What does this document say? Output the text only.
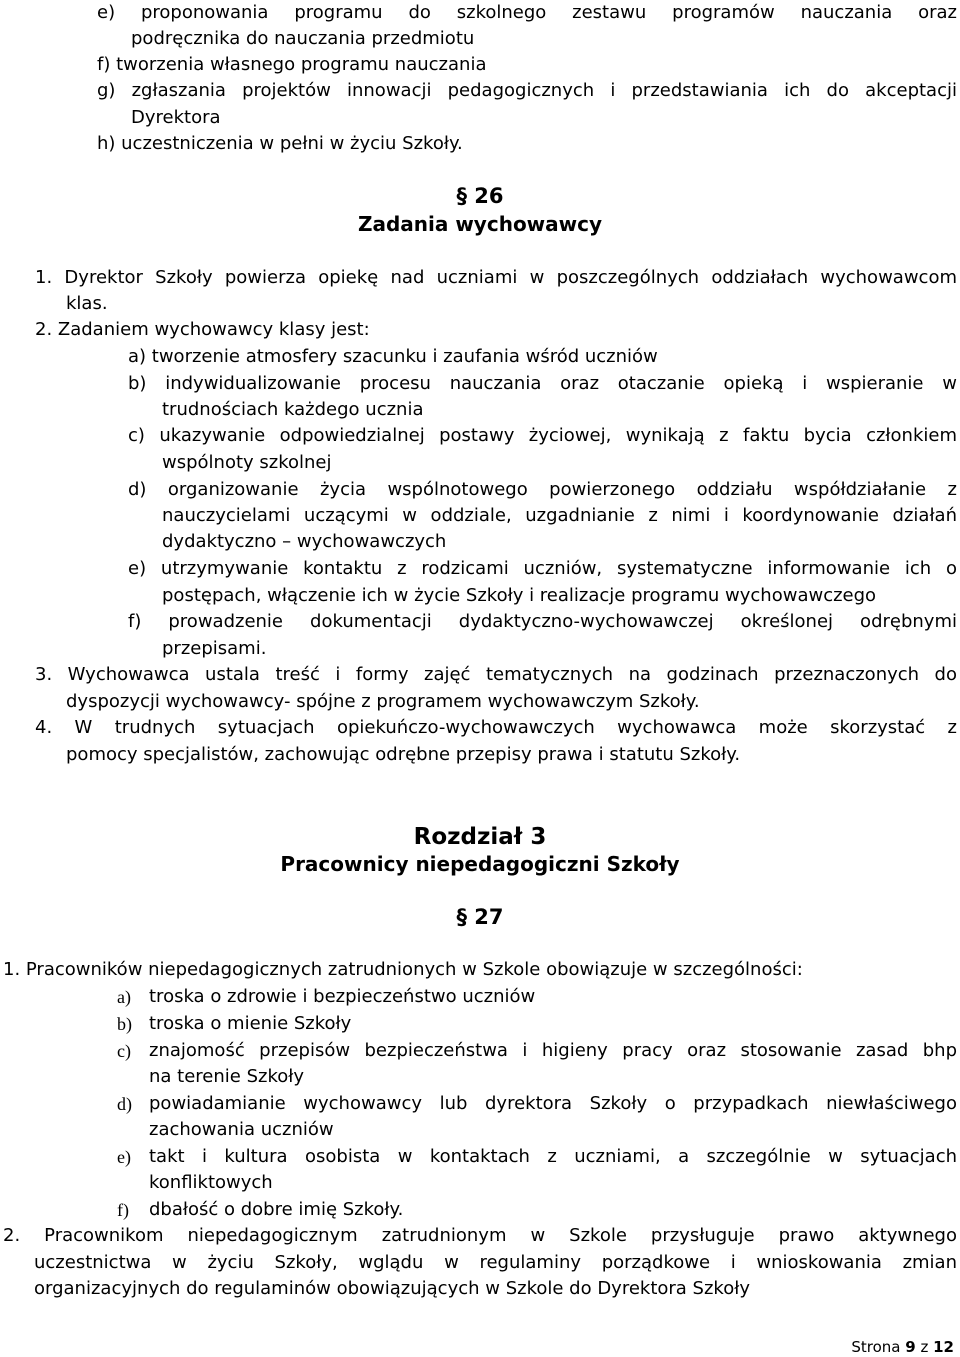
e) proponowania programu do szkolnego zestawu programów nauczania oraz
podręcznika do nauczania przedmiotu
f) tworzenia własnego programu nauczania
g) zgłaszania projektów innowacji pedagogicznych i przedstawiania ich do akceptacji
Dyrektora
h) uczestniczenia w pełni w życiu Szkoły.
§ 26
Zadania wychowawcy
1. Dyrektor Szkoły powierza opiekę nad uczniami w poszczególnych oddziałach wychowawcom
klas.
2. Zadaniem wychowawcy klasy jest:
a) tworzenie atmosfery szacunku i zaufania wśród uczniów
b) indywidualizowanie procesu nauczania oraz otaczanie opieką i wspieranie w
trudnościach każdego ucznia
c) ukazywanie odpowiedzialnej postawy życiowej, wynikają z faktu bycia członkiem
wspólnoty szkolnej
d) organizowanie życia wspólnotowego powierzonego oddziału współdziałanie z
nauczycielami uczącymi w oddziale, uzgadnianie z nimi i koordynowanie działań
dydaktyczno – wychowawczych
e) utrzymywanie kontaktu z rodzicami uczniów, systematyczne informowanie ich o
postępach, włączenie ich w życie Szkoły i realizacje programu wychowawczego
f) prowadzenie dokumentacji dydaktyczno-wychowawczej określonej odrębnymi
przepisami.
3. Wychowawca ustala treść i formy zajęć tematycznych na godzinach przeznaczonych do
dyspozycji wychowawcy- spójne z programem wychowawczym Szkoły.
4. W trudnych sytuacjach opiekuńczo-wychowawczych wychowawca może skorzystać z
pomocy specjalistów, zachowując odrębne przepisy prawa i statutu Szkoły.
Rozdział 3
Pracownicy niepedagogiczni Szkoły
§ 27
1. Pracowników niepedagogicznych zatrudnionych w Szkole obowiązuje w szczególności:
a) troska o zdrowie i bezpieczeństwo uczniów
b) troska o mienie Szkoły
c) znajomość przepisów bezpieczeństwa i higieny pracy oraz stosowanie zasad bhp
na terenie Szkoły
d) powiadamianie wychowawcy lub dyrektora Szkoły o przypadkach niewłaściwego
zachowania uczniów
e) takt i kultura osobista w kontaktach z uczniami, a szczególnie w sytuacjach
konfliktowych
f) dbałość o dobre imię Szkoły.
2. Pracownikom niepedagogicznym zatrudnionym w Szkole przysługuje prawo aktywnego
uczestnictwa w życiu Szkoły, wglądu w regulaminy porządkowe i wnioskowania zmian
organizacyjnych do regulaminów obowiązujących w Szkole do Dyrektora Szkoły
Strona 9 z 12
